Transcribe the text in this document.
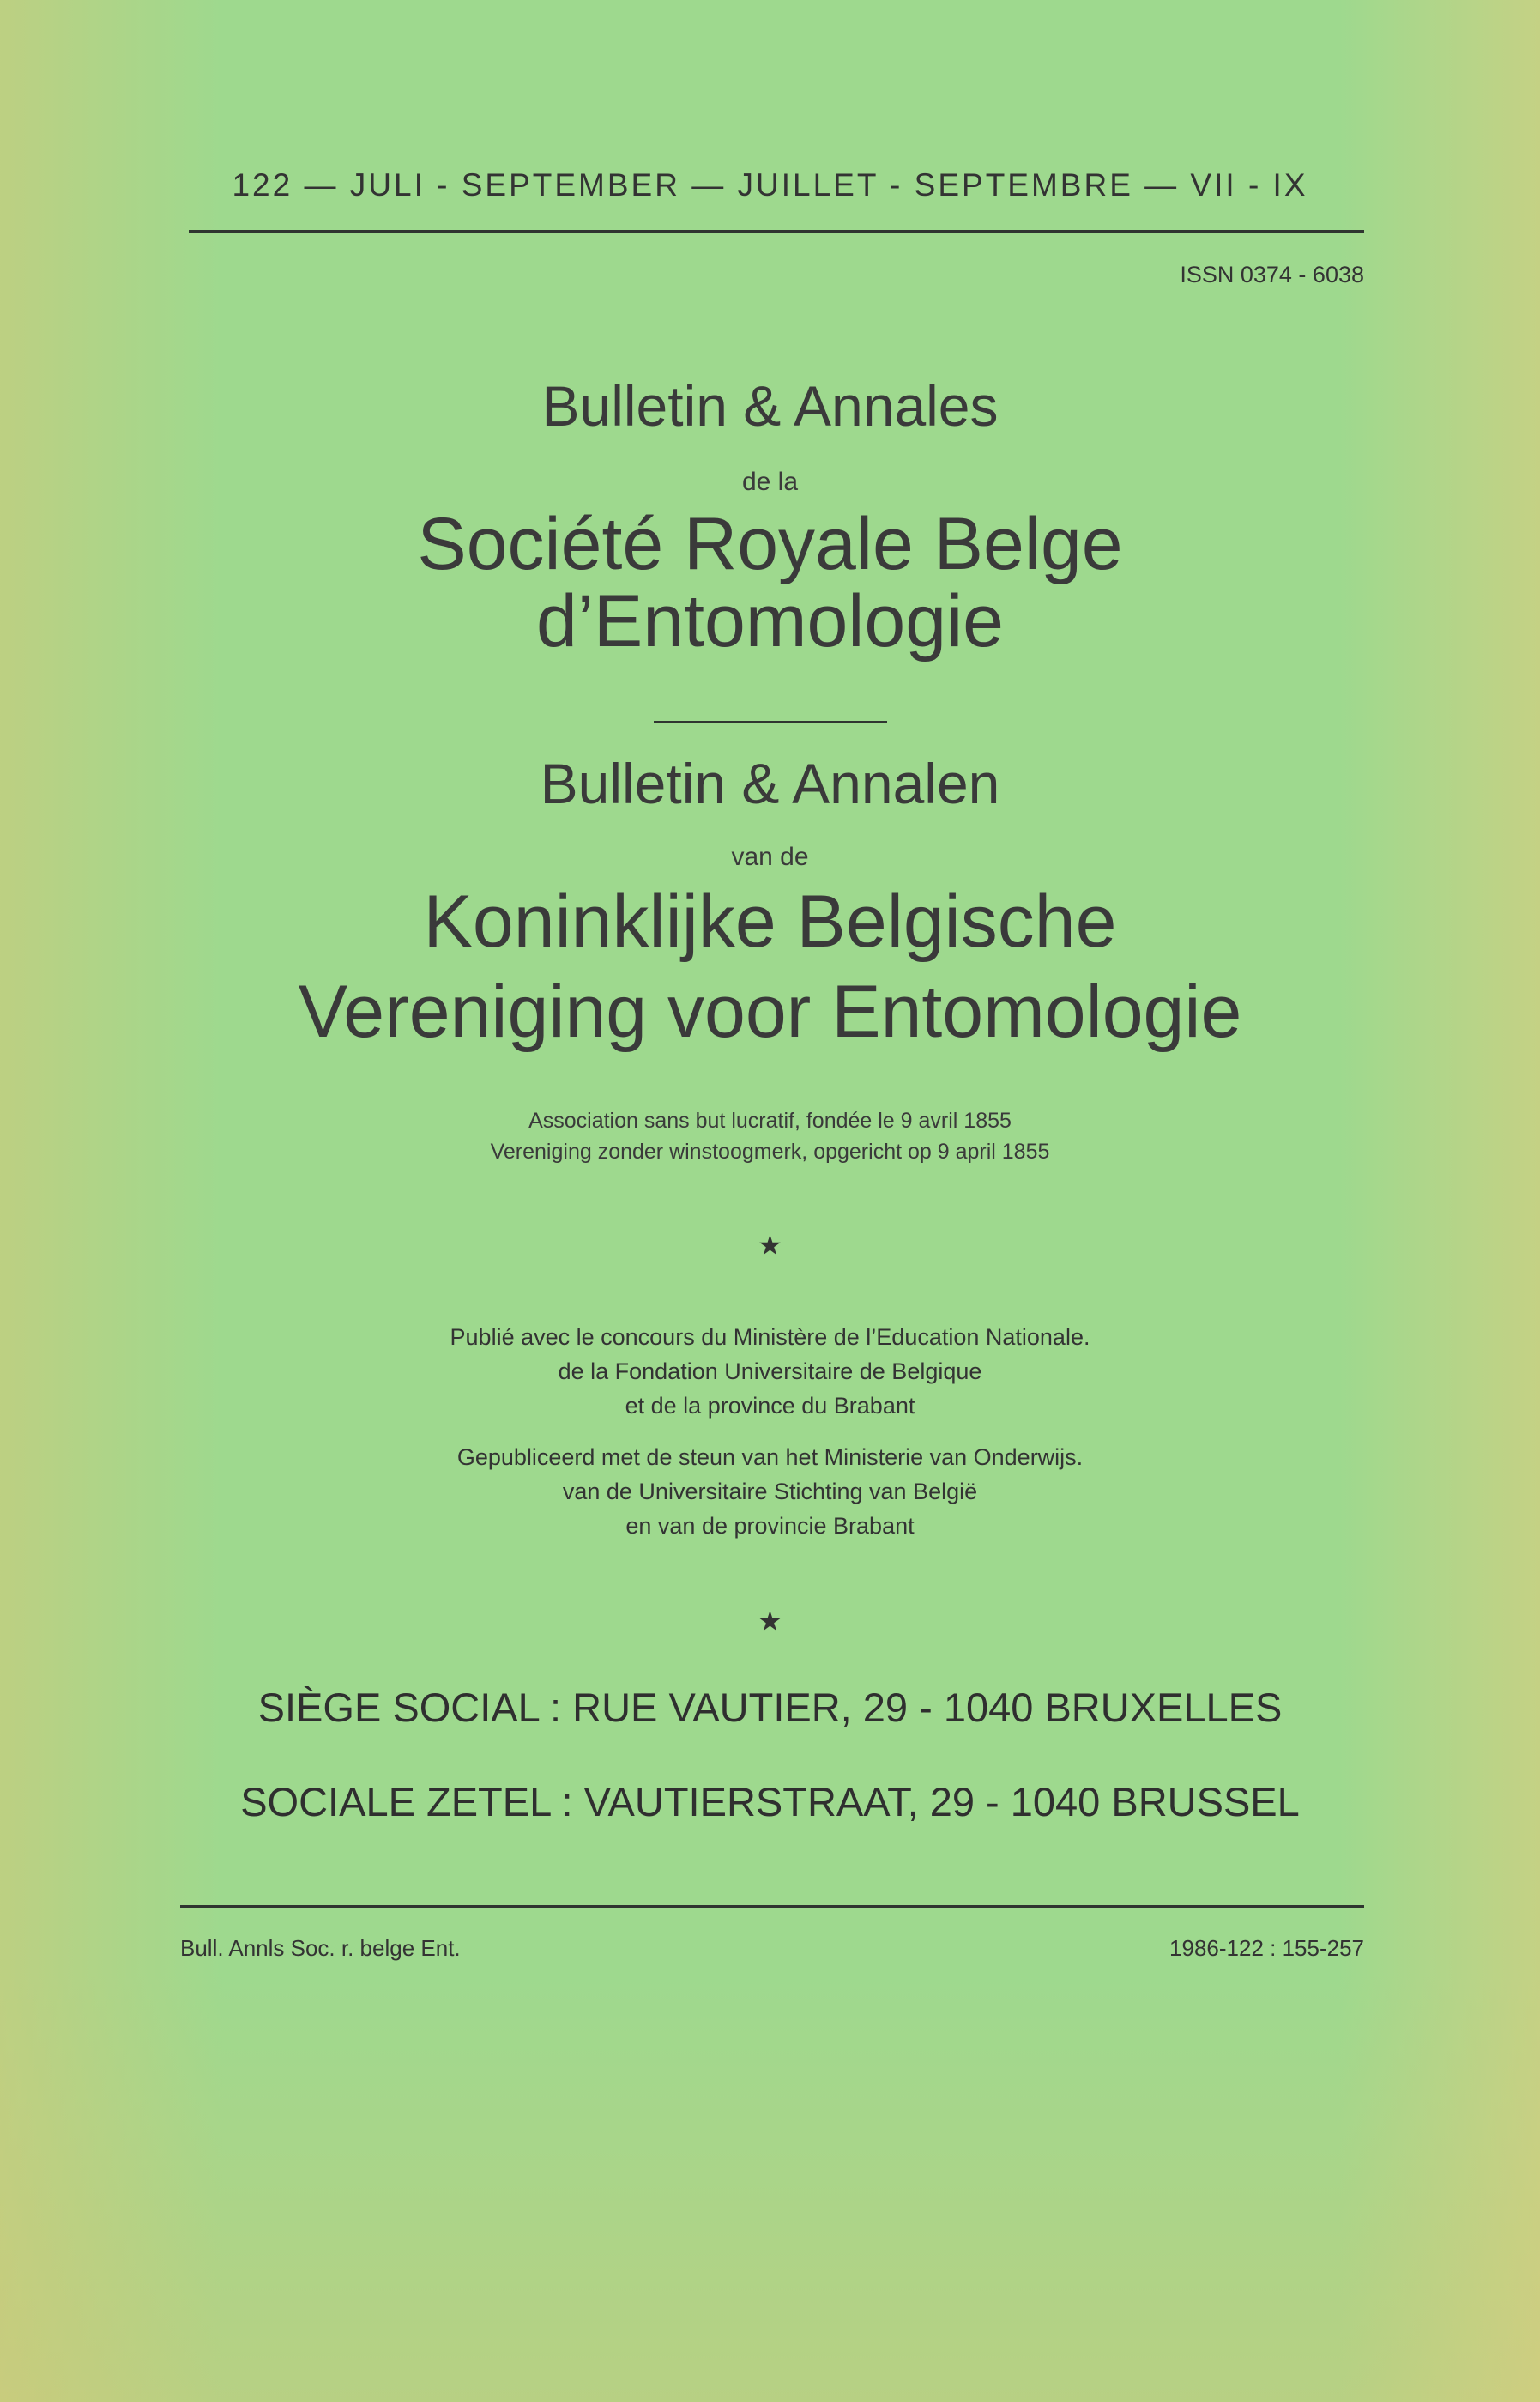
122 — JULI - SEPTEMBER — JUILLET - SEPTEMBRE — VII - IX
ISSN 0374 - 6038
Bulletin & Annales
de la
Société Royale Belge
d’Entomologie
Bulletin & Annalen
van de
Koninklijke Belgische
Vereniging voor Entomologie
Association sans but lucratif, fondée le 9 avril 1855
Vereniging zonder winstoogmerk, opgericht op 9 april 1855
★
Publié avec le concours du Ministère de l’Education Nationale.
de la Fondation Universitaire de Belgique
et de la province du Brabant
Gepubliceerd met de steun van het Ministerie van Onderwijs.
van de Universitaire Stichting van België
en van de provincie Brabant
★
SIÈGE SOCIAL : RUE VAUTIER, 29 - 1040 BRUXELLES
SOCIALE ZETEL : VAUTIERSTRAAT, 29 - 1040 BRUSSEL
Bull. Annls Soc. r. belge Ent.	1986-122 : 155-257
